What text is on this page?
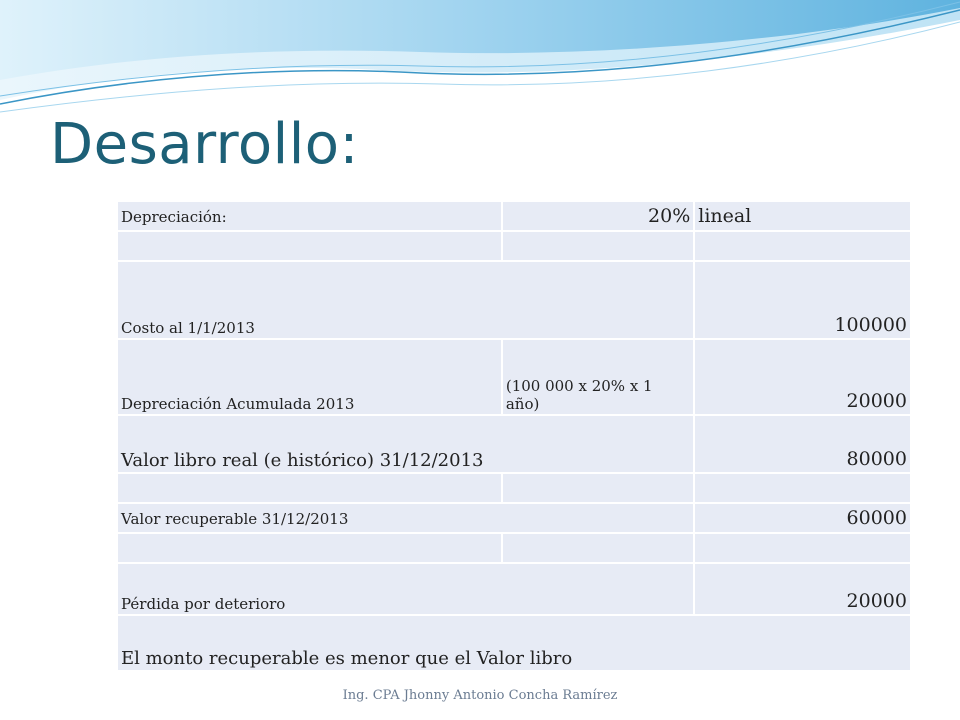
Desarrollo:
Depreciación:	20%	lineal

Costo al 1/1/2013		100000
Depreciación Acumulada 2013	(100 000 x 20% x 1 año)	20000
Valor libro real (e histórico) 31/12/2013		80000

Valor recuperable 31/12/2013		60000

Pérdida por deterioro		20000
El monto recuperable es menor que el Valor libro		
Ing. CPA Jhonny Antonio Concha Ramírez
